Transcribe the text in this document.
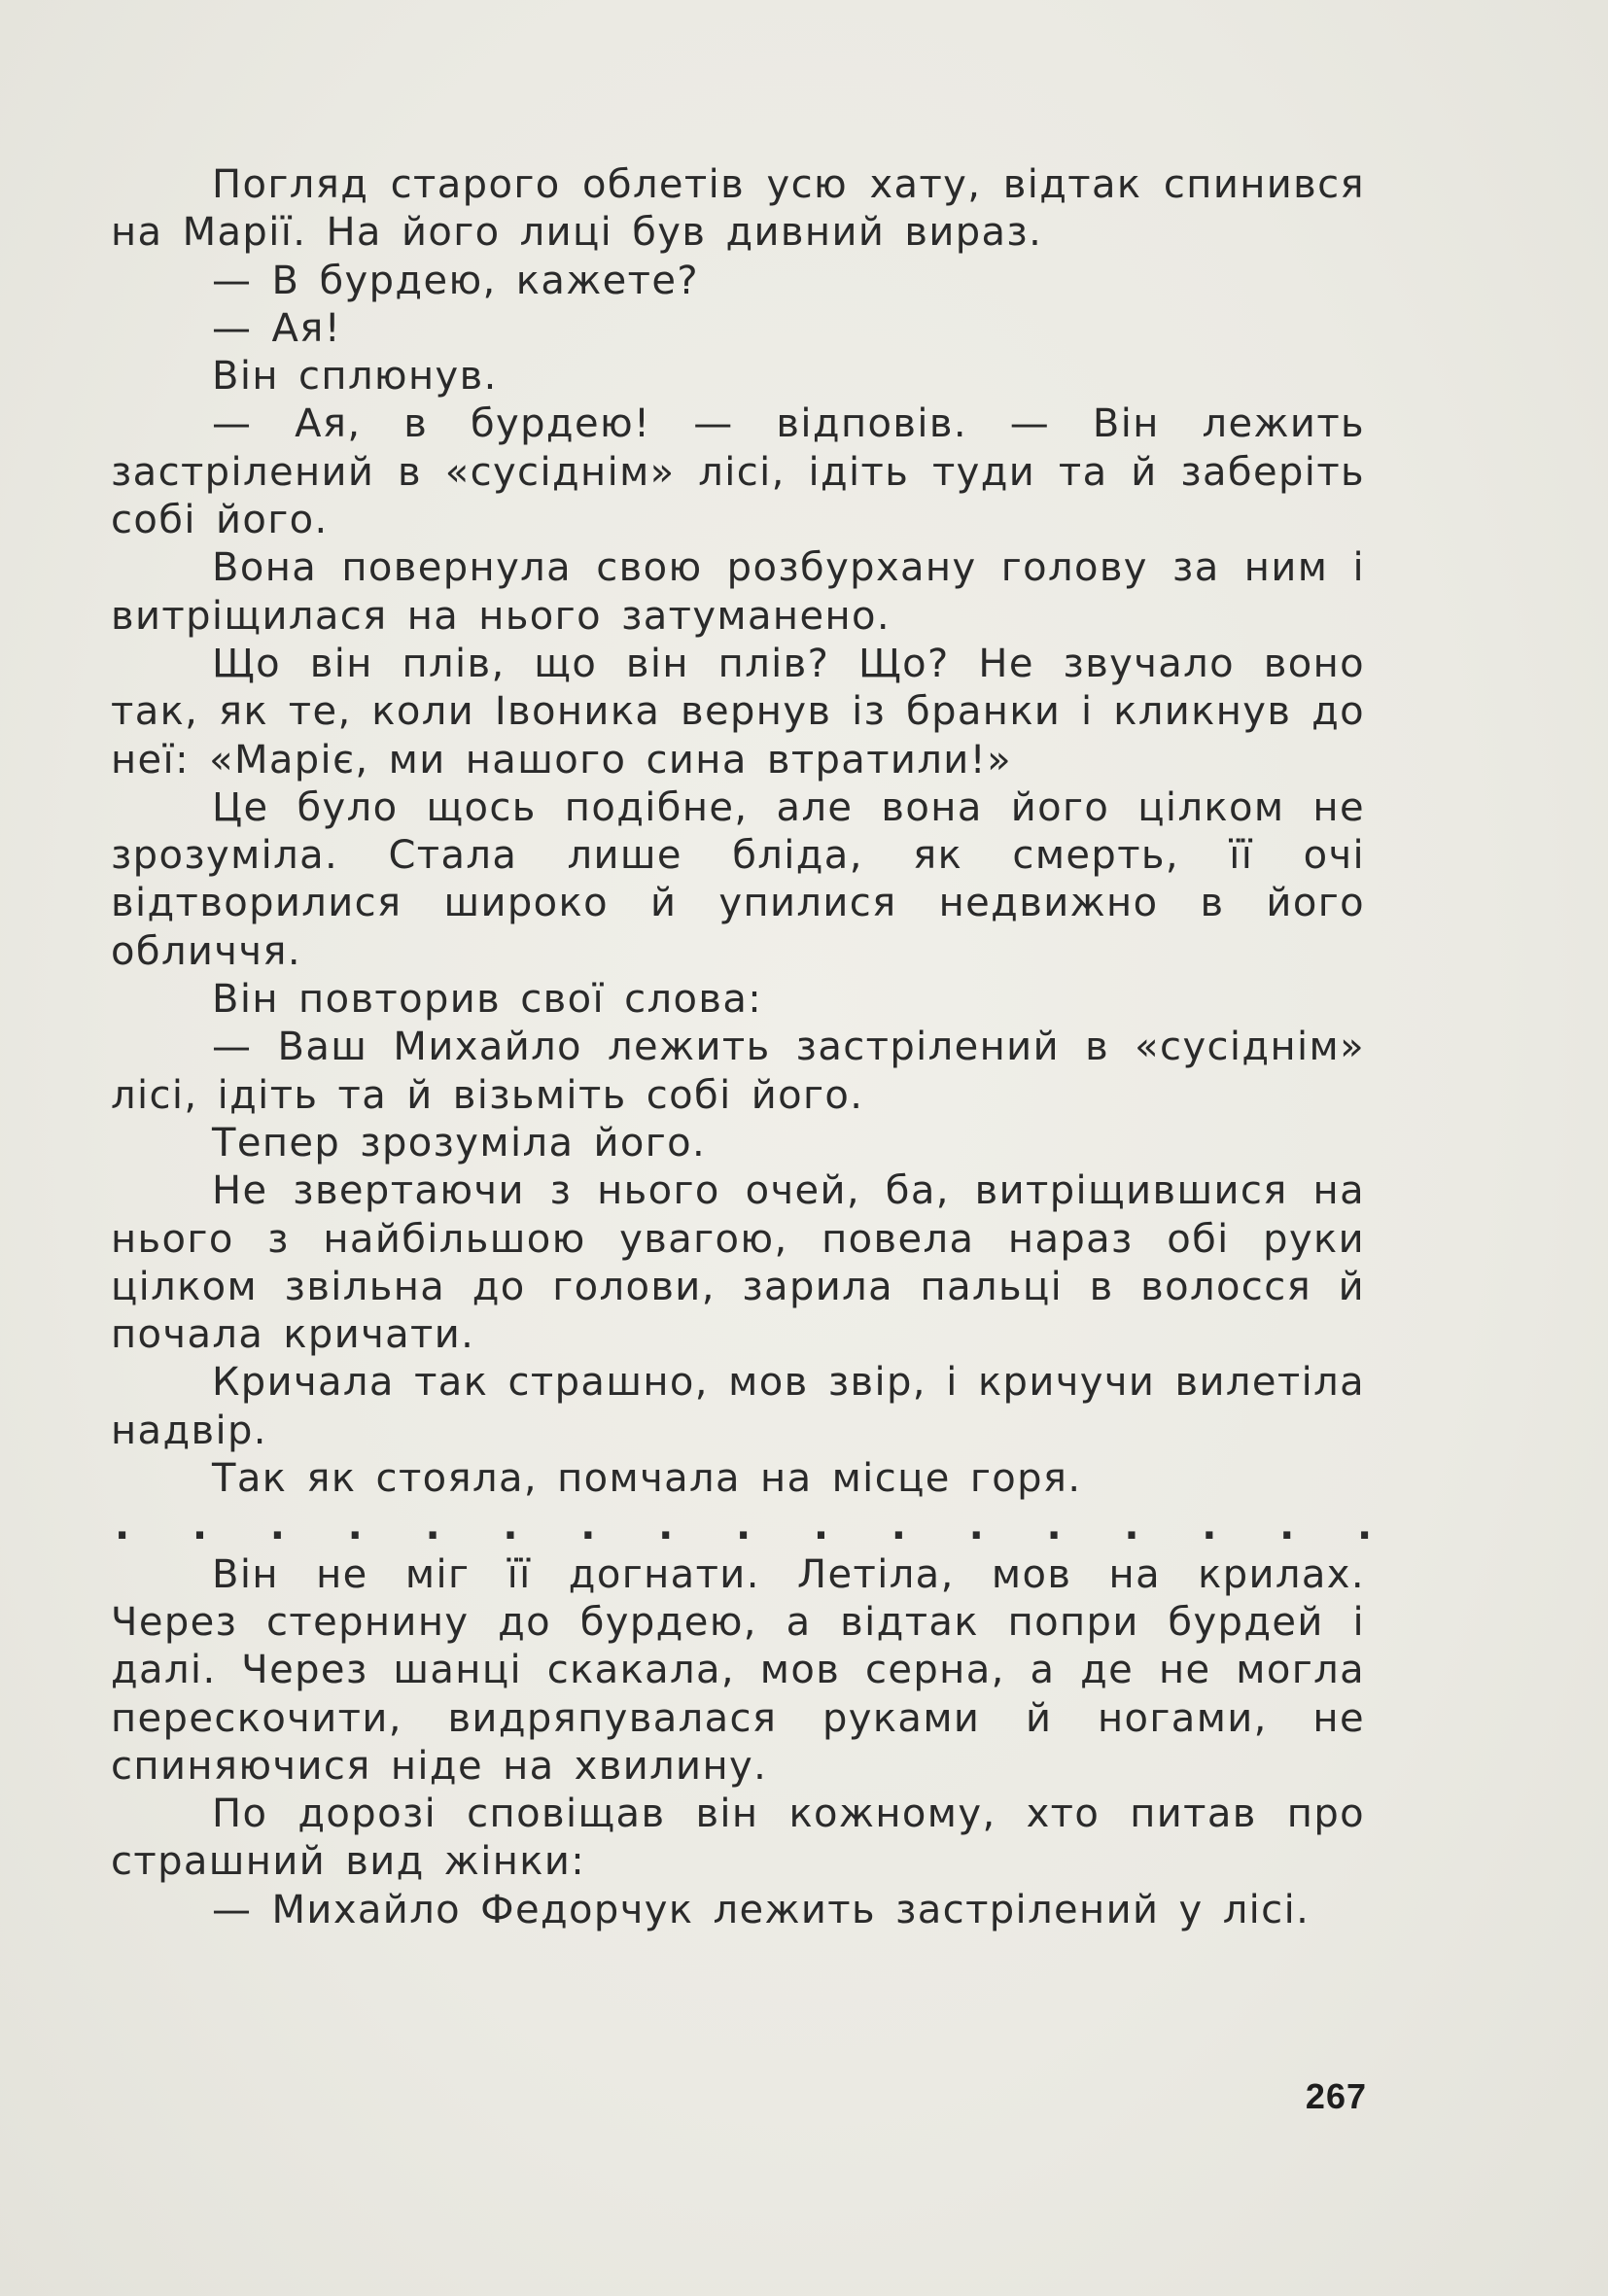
Погляд старого облетів усю хату, відтак спинився на Марії. На його лиці був дивний вираз.

— В бурдею, кажете?

— Ая!

Він сплюнув.

— Ая, в бурдею! — відповів. — Він лежить застрілений в «сусіднім» лісі, ідіть туди та й заберіть собі його.

Вона повернула свою розбурхану голову за ним і витріщилася на нього затуманено.

Що він плів, що він плів? Що? Не звучало воно так, як те, коли Івоника вернув із бранки і кликнув до неї: «Маріє, ми нашого сина втратили!»

Це було щось подібне, але вона його цілком не зрозуміла. Стала лише бліда, як смерть, її очі відтворилися широко й упилися недвижно в його обличчя.

Він повторив свої слова:

— Ваш Михайло лежить застрілений в «сусіднім» лісі, ідіть та й візьміть собі його.

Тепер зрозуміла його.

Не звертаючи з нього очей, ба, витріщившися на нього з найбільшою увагою, повела нараз обі руки цілком звільна до голови, зарила пальці в волосся й почала кричати.

Кричала так страшно, мов звір, і кричучи вилетіла надвір.

Так як стояла, помчала на місце горя.

. . . . . . . . . . . . . . . . .

Він не міг її догнати. Летіла, мов на крилах. Через стернину до бурдею, а відтак попри бурдей і далі. Через шанці скакала, мов серна, а де не могла перескочити, видряпувалася руками й ногами, не спиняючися ніде на хвилину.

По дорозі сповіщав він кожному, хто питав про страшний вид жінки:

— Михайло Федорчук лежить застрілений у лісі.

267
